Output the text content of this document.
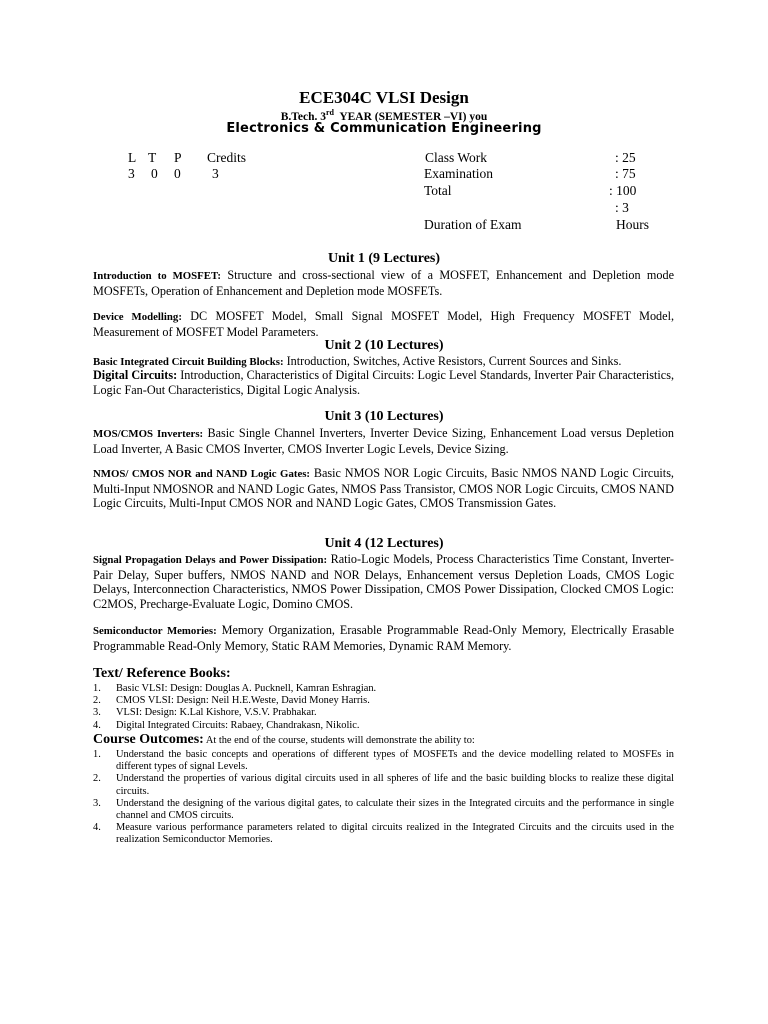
ECE304C VLSI Design
B.Tech. 3rd  YEAR (SEMESTER –VI) you
Electronics & Communication Engineering
L T P Credits
3 0 0 3
Class Work
Examination
Total
Duration of Exam
: 25
: 75
: 100
: 3
Hours
Unit 1 (9 Lectures)
Introduction to MOSFET: Structure and cross-sectional view of a MOSFET, Enhancement and Depletion mode MOSFETs, Operation of Enhancement and Depletion mode MOSFETs.
Device Modelling: DC MOSFET Model, Small Signal MOSFET Model, High Frequency MOSFET Model, Measurement of MOSFET Model Parameters.
Unit 2 (10 Lectures)
Basic Integrated Circuit Building Blocks: Introduction, Switches, Active Resistors, Current Sources and Sinks.
Digital Circuits: Introduction, Characteristics of Digital Circuits: Logic Level Standards, Inverter Pair Characteristics, Logic Fan-Out Characteristics, Digital Logic Analysis.
Unit 3 (10 Lectures)
MOS/CMOS Inverters: Basic Single Channel Inverters, Inverter Device Sizing, Enhancement Load versus Depletion Load Inverter, A Basic CMOS Inverter, CMOS Inverter Logic Levels, Device Sizing.
NMOS/ CMOS NOR and NAND Logic Gates: Basic NMOS NOR Logic Circuits, Basic NMOS NAND Logic Circuits, Multi-Input NMOSNOR and NAND Logic Gates, NMOS Pass Transistor, CMOS NOR Logic Circuits, CMOS NAND Logic Circuits, Multi-Input CMOS NOR and NAND Logic Gates, CMOS Transmission Gates.
Unit 4 (12 Lectures)
Signal Propagation Delays and Power Dissipation: Ratio-Logic Models, Process Characteristics Time Constant, Inverter-Pair Delay, Super buffers, NMOS NAND and NOR Delays, Enhancement versus Depletion Loads, CMOS Logic Delays, Interconnection Characteristics, NMOS Power Dissipation, CMOS Power Dissipation, Clocked CMOS Logic: C2MOS, Precharge-Evaluate Logic, Domino CMOS.
Semiconductor Memories: Memory Organization, Erasable Programmable Read-Only Memory, Electrically Erasable Programmable Read-Only Memory, Static RAM Memories, Dynamic RAM Memory.
Text/ Reference Books:
1. Basic VLSI: Design: Douglas A. Pucknell, Kamran Eshragian.
2. CMOS VLSI: Design: Neil H.E.Weste, David Money Harris.
3. VLSI: Design: K.Lal Kishore, V.S.V. Prabhakar.
4. Digital Integrated Circuits: Rabaey, Chandrakasn, Nikolic.
Course Outcomes: At the end of the course, students will demonstrate the ability to:
1. Understand the basic concepts and operations of different types of MOSFETs and the device modelling related to MOSFEs in different types of signal Levels.
2. Understand the properties of various digital circuits used in all spheres of life and the basic building blocks to realize these digital circuits.
3. Understand the designing of the various digital gates, to calculate their sizes in the Integrated circuits and the performance in single channel and CMOS circuits.
4. Measure various performance parameters related to digital circuits realized in the Integrated Circuits and the circuits used in the realization Semiconductor Memories.
